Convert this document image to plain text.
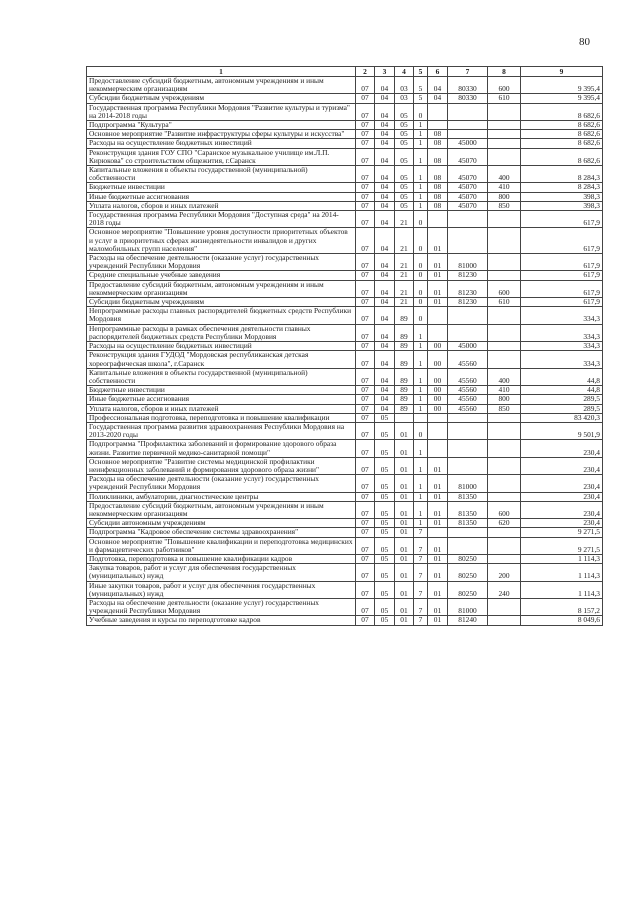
80
1	2	3	4	5	6	7	8	9
Предоставление субсидий бюджетным, автономным учреждениям и иным некоммерческим организациям	07	04	03	5	04	80330	600	9 395,4
Субсидии бюджетным учреждениям	07	04	03	5	04	80330	610	9 395,4
Государственная программа Республики Мордовия "Развитие культуры и туризма" на 2014-2018 годы	07	04	05	0				8 682,6
Подпрограмма "Культура"	07	04	05	1				8 682,6
Основное мероприятие "Развитие инфраструктуры сферы культуры и искусства"	07	04	05	1	08			8 682,6
Расходы на осуществление бюджетных инвестиций	07	04	05	1	08	45000		8 682,6
Реконструкция здания ГОУ СПО "Саранское музыкальное училище им.Л.П. Кирюкова" со строительством общежития, г.Саранск	07	04	05	1	08	45070		8 682,6
Капитальные вложения в объекты государственной (муниципальной) собственности	07	04	05	1	08	45070	400	8 284,3
Бюджетные инвестиции	07	04	05	1	08	45070	410	8 284,3
Иные бюджетные ассигнования	07	04	05	1	08	45070	800	398,3
Уплата налогов, сборов и иных платежей	07	04	05	1	08	45070	850	398,3
Государственная программа Республики Мордовия "Доступная среда" на 2014-2018 годы	07	04	21	0				617,9
Основное мероприятие "Повышение уровня доступности приоритетных объектов и услуг в приоритетных сферах жизнедеятельности инвалидов и других маломобильных групп населения"	07	04	21	0	01			617,9
Расходы на обеспечение деятельности (оказание услуг) государственных учреждений Республики Мордовия	07	04	21	0	01	81000		617,9
Средние специальные учебные заведения	07	04	21	0	01	81230		617,9
Предоставление субсидий бюджетным, автономным учреждениям и иным некоммерческим организациям	07	04	21	0	01	81230	600	617,9
Субсидии бюджетным учреждениям	07	04	21	0	01	81230	610	617,9
Непрограммные расходы главных распорядителей бюджетных средств Республики Мордовия	07	04	89	0				334,3
Непрограммные расходы в рамках обеспечения деятельности главных распорядителей бюджетных средств Республики Мордовия	07	04	89	1				334,3
Расходы на осуществление бюджетных инвестиций	07	04	89	1	00	45000		334,3
Реконструкция здания ГУДОД "Мордовская республиканская детская хореографическая школа", г.Саранск	07	04	89	1	00	45560		334,3
Капитальные вложения в объекты государственной (муниципальной) собственности	07	04	89	1	00	45560	400	44,8
Бюджетные инвестиции	07	04	89	1	00	45560	410	44,8
Иные бюджетные ассигнования	07	04	89	1	00	45560	800	289,5
Уплата налогов, сборов и иных платежей	07	04	89	1	00	45560	850	289,5
Профессиональная подготовка, переподготовка и повышение квалификации	07	05						83 420,3
Государственная программа развития здравоохранения Республики Мордовия на 2013-2020 годы	07	05	01	0				9 501,9
Подпрограмма "Профилактика заболеваний и формирование здорового образа жизни. Развитие первичной медико-санитарной помощи"	07	05	01	1				230,4
Основное мероприятие "Развитие системы медицинской профилактики неинфекционных заболеваний и формирования здорового образа жизни"	07	05	01	1	01			230,4
Расходы на обеспечение деятельности (оказание услуг) государственных учреждений Республики Мордовия	07	05	01	1	01	81000		230,4
Поликлиники, амбулатории, диагностические центры	07	05	01	1	01	81350		230,4
Предоставление субсидий бюджетным, автономным учреждениям и иным некоммерческим организациям	07	05	01	1	01	81350	600	230,4
Субсидии автономным учреждениям	07	05	01	1	01	81350	620	230,4
Подпрограмма "Кадровое обеспечение системы здравоохранения"	07	05	01	7				9 271,5
Основное мероприятие "Повышение квалификации и переподготовка медицинских и фармацевтических работников"	07	05	01	7	01			9 271,5
Подготовка, переподготовка и повышение квалификации кадров	07	05	01	7	01	80250		1 114,3
Закупка товаров, работ и услуг для обеспечения государственных (муниципальных) нужд	07	05	01	7	01	80250	200	1 114,3
Иные закупки товаров, работ и услуг для обеспечения государственных (муниципальных) нужд	07	05	01	7	01	80250	240	1 114,3
Расходы на обеспечение деятельности (оказание услуг) государственных учреждений Республики Мордовия	07	05	01	7	01	81000		8 157,2
Учебные заведения и курсы по переподготовке кадров	07	05	01	7	01	81240		8 049,6
